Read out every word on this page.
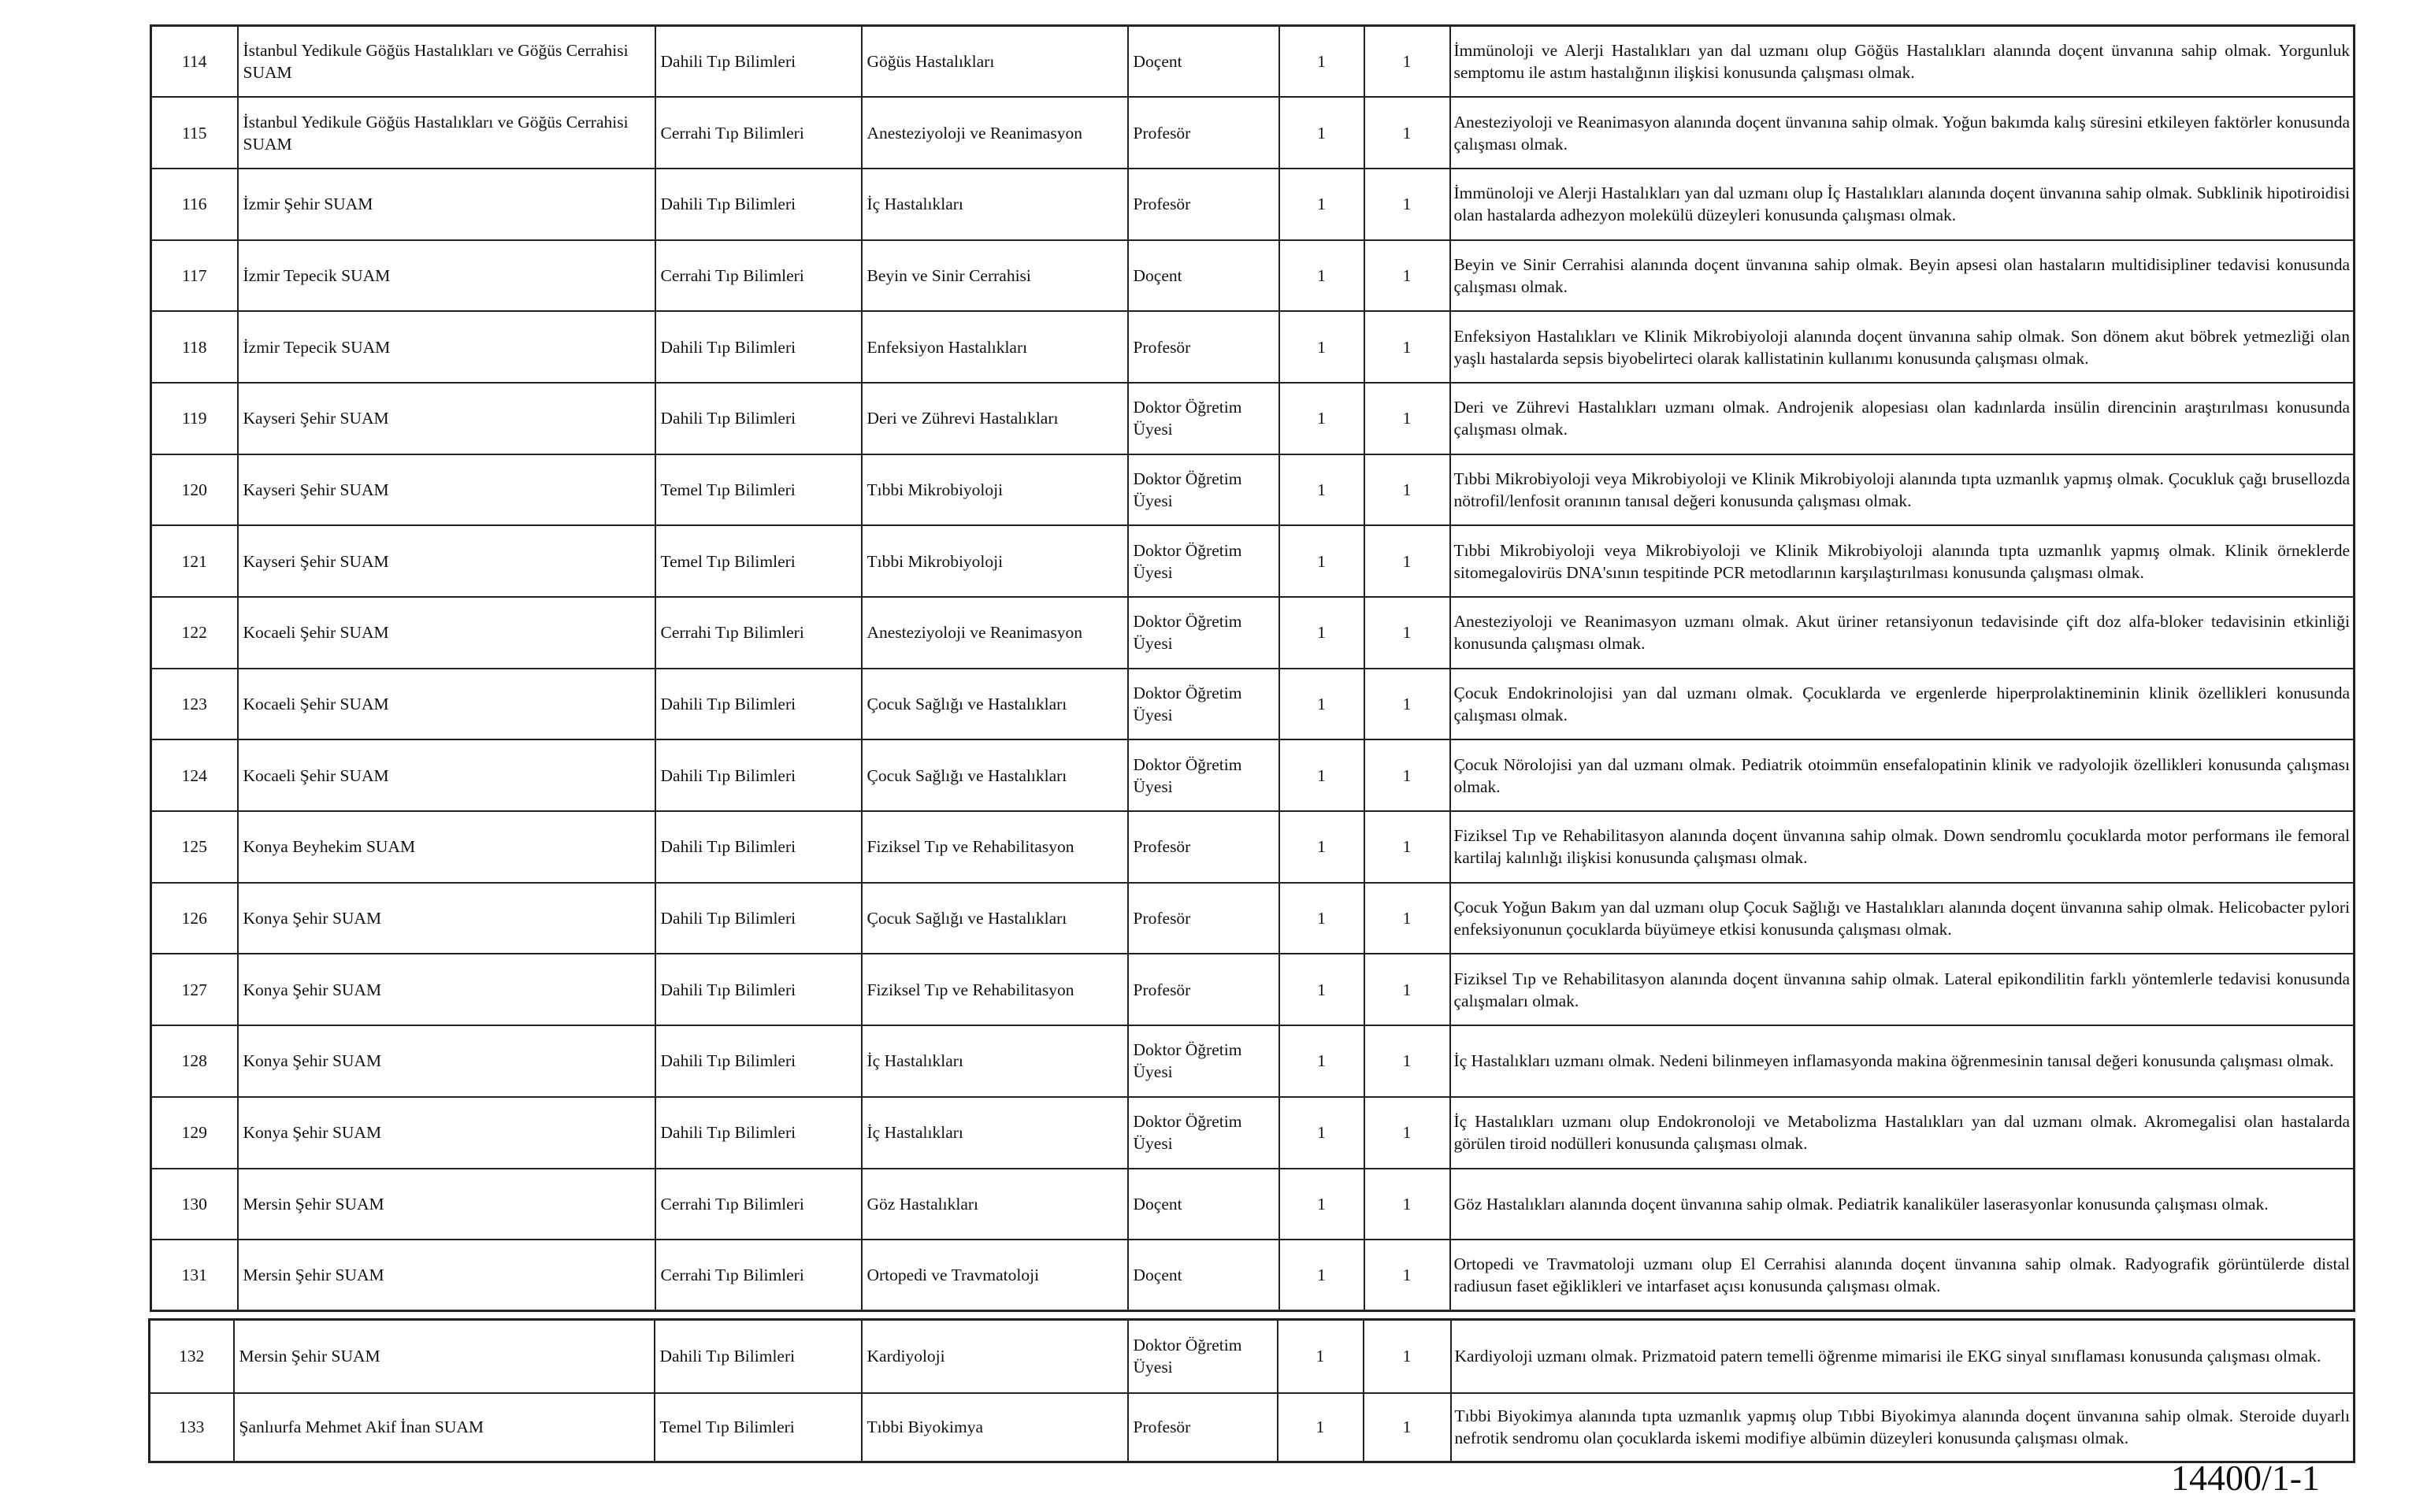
114	İstanbul Yedikule Göğüs Hastalıkları ve Göğüs Cerrahisi SUAM	Dahili Tıp Bilimleri	Göğüs Hastalıkları	Doçent	1	1	İmmünoloji ve Alerji Hastalıkları yan dal uzmanı olup Göğüs Hastalıkları alanında doçent ünvanına sahip olmak. Yorgunluk semptomu ile astım hastalığının ilişkisi konusunda çalışması olmak.
115	İstanbul Yedikule Göğüs Hastalıkları ve Göğüs Cerrahisi SUAM	Cerrahi Tıp Bilimleri	Anesteziyoloji ve Reanimasyon	Profesör	1	1	Anesteziyoloji ve Reanimasyon alanında doçent ünvanına sahip olmak. Yoğun bakımda kalış süresini etkileyen faktörler konusunda çalışması olmak.
116	İzmir Şehir SUAM	Dahili Tıp Bilimleri	İç Hastalıkları	Profesör	1	1	İmmünoloji ve Alerji Hastalıkları yan dal uzmanı olup İç Hastalıkları alanında doçent ünvanına sahip olmak. Subklinik hipotiroidisi olan hastalarda adhezyon molekülü düzeyleri konusunda çalışması olmak.
117	İzmir Tepecik SUAM	Cerrahi Tıp Bilimleri	Beyin ve Sinir Cerrahisi	Doçent	1	1	Beyin ve Sinir Cerrahisi alanında doçent ünvanına sahip olmak. Beyin apsesi olan hastaların multidisipliner tedavisi konusunda çalışması olmak.
118	İzmir Tepecik SUAM	Dahili Tıp Bilimleri	Enfeksiyon Hastalıkları	Profesör	1	1	Enfeksiyon Hastalıkları ve Klinik Mikrobiyoloji alanında doçent ünvanına sahip olmak. Son dönem akut böbrek yetmezliği olan yaşlı hastalarda sepsis biyobelirteci olarak kallistatinin kullanımı konusunda çalışması olmak.
119	Kayseri Şehir SUAM	Dahili Tıp Bilimleri	Deri ve Zührevi Hastalıkları	Doktor Öğretim Üyesi	1	1	Deri ve Zührevi Hastalıkları uzmanı olmak. Androjenik alopesiası olan kadınlarda insülin direncinin araştırılması konusunda çalışması olmak.
120	Kayseri Şehir SUAM	Temel Tıp Bilimleri	Tıbbi Mikrobiyoloji	Doktor Öğretim Üyesi	1	1	Tıbbi Mikrobiyoloji veya Mikrobiyoloji ve Klinik Mikrobiyoloji alanında tıpta uzmanlık yapmış olmak. Çocukluk çağı brusellozda nötrofil/lenfosit oranının tanısal değeri konusunda çalışması olmak.
121	Kayseri Şehir SUAM	Temel Tıp Bilimleri	Tıbbi Mikrobiyoloji	Doktor Öğretim Üyesi	1	1	Tıbbi Mikrobiyoloji veya Mikrobiyoloji ve Klinik Mikrobiyoloji alanında tıpta uzmanlık yapmış olmak. Klinik örneklerde sitomegalovirüs DNA'sının tespitinde PCR metodlarının karşılaştırılması konusunda çalışması olmak.
122	Kocaeli Şehir SUAM	Cerrahi Tıp Bilimleri	Anesteziyoloji ve Reanimasyon	Doktor Öğretim Üyesi	1	1	Anesteziyoloji ve Reanimasyon uzmanı olmak. Akut üriner retansiyonun tedavisinde çift doz alfa-bloker tedavisinin etkinliği konusunda çalışması olmak.
123	Kocaeli Şehir SUAM	Dahili Tıp Bilimleri	Çocuk Sağlığı ve Hastalıkları	Doktor Öğretim Üyesi	1	1	Çocuk Endokrinolojisi yan dal uzmanı olmak. Çocuklarda ve ergenlerde hiperprolaktineminin klinik özellikleri konusunda çalışması olmak.
124	Kocaeli Şehir SUAM	Dahili Tıp Bilimleri	Çocuk Sağlığı ve Hastalıkları	Doktor Öğretim Üyesi	1	1	Çocuk Nörolojisi yan dal uzmanı olmak. Pediatrik otoimmün ensefalopatinin klinik ve radyolojik özellikleri konusunda çalışması olmak.
125	Konya Beyhekim SUAM	Dahili Tıp Bilimleri	Fiziksel Tıp ve Rehabilitasyon	Profesör	1	1	Fiziksel Tıp ve Rehabilitasyon alanında doçent ünvanına sahip olmak. Down sendromlu çocuklarda motor performans ile femoral kartilaj kalınlığı ilişkisi konusunda çalışması olmak.
126	Konya Şehir SUAM	Dahili Tıp Bilimleri	Çocuk Sağlığı ve Hastalıkları	Profesör	1	1	Çocuk Yoğun Bakım yan dal uzmanı olup Çocuk Sağlığı ve Hastalıkları alanında doçent ünvanına sahip olmak. Helicobacter pylori enfeksiyonunun çocuklarda büyümeye etkisi konusunda çalışması olmak.
127	Konya Şehir SUAM	Dahili Tıp Bilimleri	Fiziksel Tıp ve Rehabilitasyon	Profesör	1	1	Fiziksel Tıp ve Rehabilitasyon alanında doçent ünvanına sahip olmak. Lateral epikondilitin farklı yöntemlerle tedavisi konusunda çalışmaları olmak.
128	Konya Şehir SUAM	Dahili Tıp Bilimleri	İç Hastalıkları	Doktor Öğretim Üyesi	1	1	İç Hastalıkları uzmanı olmak. Nedeni bilinmeyen inflamasyonda makina öğrenmesinin tanısal değeri konusunda çalışması olmak.
129	Konya Şehir SUAM	Dahili Tıp Bilimleri	İç Hastalıkları	Doktor Öğretim Üyesi	1	1	İç Hastalıkları uzmanı olup Endokronoloji ve Metabolizma Hastalıkları yan dal uzmanı olmak. Akromegalisi olan hastalarda görülen tiroid nodülleri konusunda çalışması olmak.
130	Mersin Şehir SUAM	Cerrahi Tıp Bilimleri	Göz Hastalıkları	Doçent	1	1	Göz Hastalıkları alanında doçent ünvanına sahip olmak. Pediatrik kanaliküler laserasyonlar konusunda çalışması olmak.
131	Mersin Şehir SUAM	Cerrahi Tıp Bilimleri	Ortopedi ve Travmatoloji	Doçent	1	1	Ortopedi ve Travmatoloji uzmanı olup El Cerrahisi alanında doçent ünvanına sahip olmak. Radyografik görüntülerde distal radiusun faset eğiklikleri ve intarfaset açısı konusunda çalışması olmak.
132	Mersin Şehir SUAM	Dahili Tıp Bilimleri	Kardiyoloji	Doktor Öğretim Üyesi	1	1	Kardiyoloji uzmanı olmak. Prizmatoid patern temelli öğrenme mimarisi ile EKG sinyal sınıflaması konusunda çalışması olmak.
133	Şanlıurfa Mehmet Akif İnan SUAM	Temel Tıp Bilimleri	Tıbbi Biyokimya	Profesör	1	1	Tıbbi Biyokimya alanında tıpta uzmanlık yapmış olup Tıbbi Biyokimya alanında doçent ünvanına sahip olmak. Steroide duyarlı nefrotik sendromu olan çocuklarda iskemi modifiye albümin düzeyleri konusunda çalışması olmak.
14400/1-1
